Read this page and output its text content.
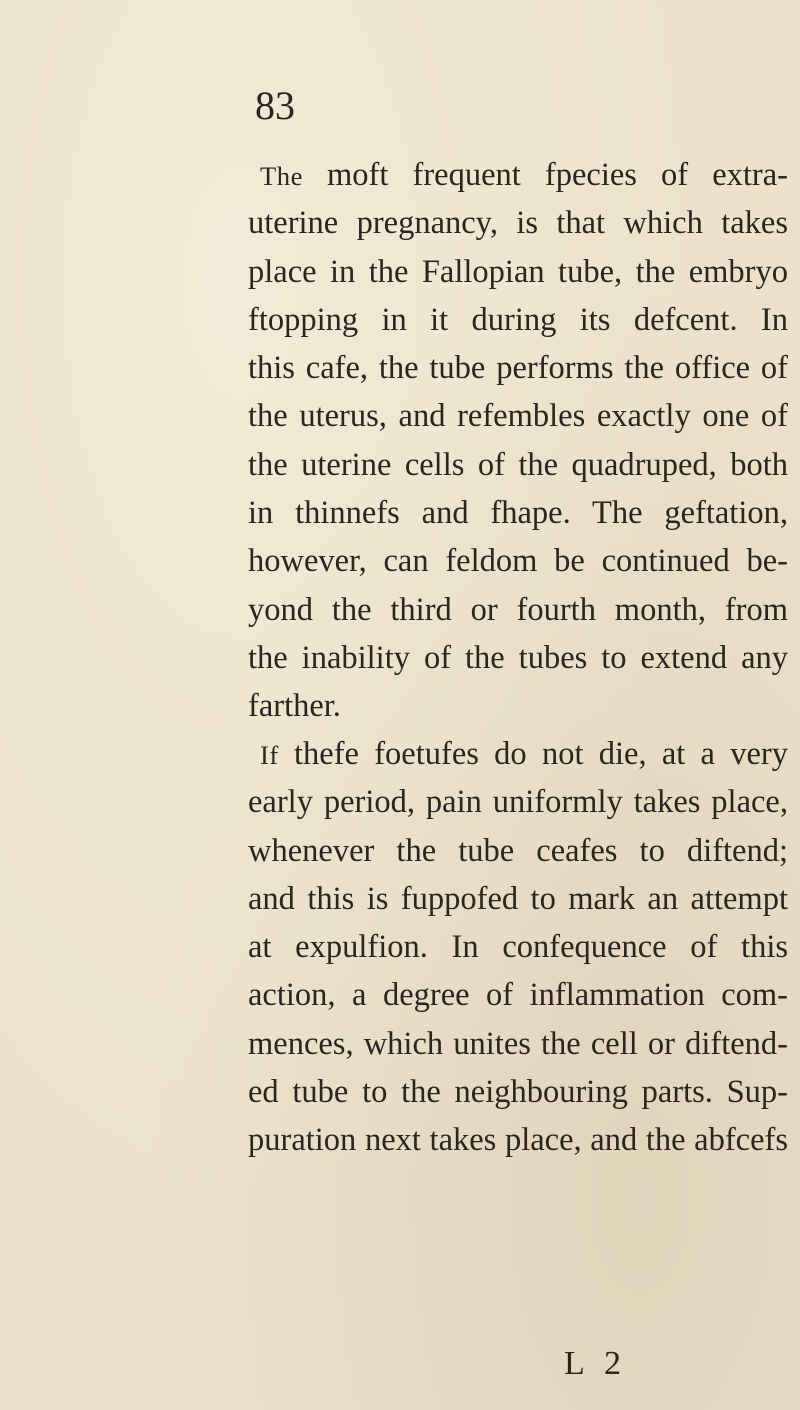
83
The moft frequent fpecies of extra-
uterine pregnancy, is that which takes
place in the Fallopian tube, the embryo
ftopping in it during its defcent. In
this cafe, the tube performs the office of
the uterus, and refembles exactly one of
the uterine cells of the quadruped, both
in thinnefs and fhape. The geftation,
however, can feldom be continued be-
yond the third or fourth month, from
the inability of the tubes to extend any
farther.
If thefe foetufes do not die, at a very
early period, pain uniformly takes place,
whenever the tube ceafes to diftend;
and this is fuppofed to mark an attempt
at expulfion. In confequence of this
action, a degree of inflammation com-
mences, which unites the cell or diftend-
ed tube to the neighbouring parts. Sup-
puration next takes place, and the abfcefs
L 2
